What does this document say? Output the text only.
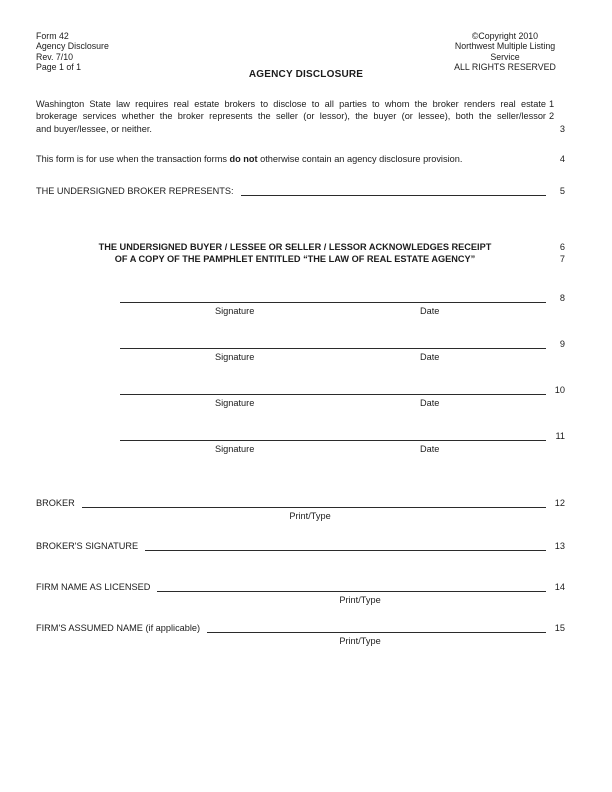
Form 42
Agency Disclosure
Rev. 7/10
Page 1 of 1
©Copyright 2010
Northwest Multiple Listing Service
ALL RIGHTS RESERVED
AGENCY DISCLOSURE
Washington State law requires real estate brokers to disclose to all parties to whom the broker renders real estate 1
brokerage services whether the broker represents the seller (or lessor), the buyer (or lessee), both the seller/lessor 2
and buyer/lessee, or neither.	3
This form is for use when the transaction forms do not otherwise contain an agency disclosure provision.	4
THE UNDERSIGNED BROKER REPRESENTS:	5
THE UNDERSIGNED BUYER / LESSEE OR SELLER / LESSOR ACKNOWLEDGES RECEIPT	6
OF A COPY OF THE PAMPHLET ENTITLED “THE LAW OF REAL ESTATE AGENCY”	7
8
Signature	Date
9
Signature	Date
10
Signature	Date
11
Signature	Date
BROKER	12
Print/Type
BROKER'S SIGNATURE	13
FIRM NAME AS LICENSED	14
Print/Type
FIRM'S ASSUMED NAME (if applicable)	15
Print/Type
